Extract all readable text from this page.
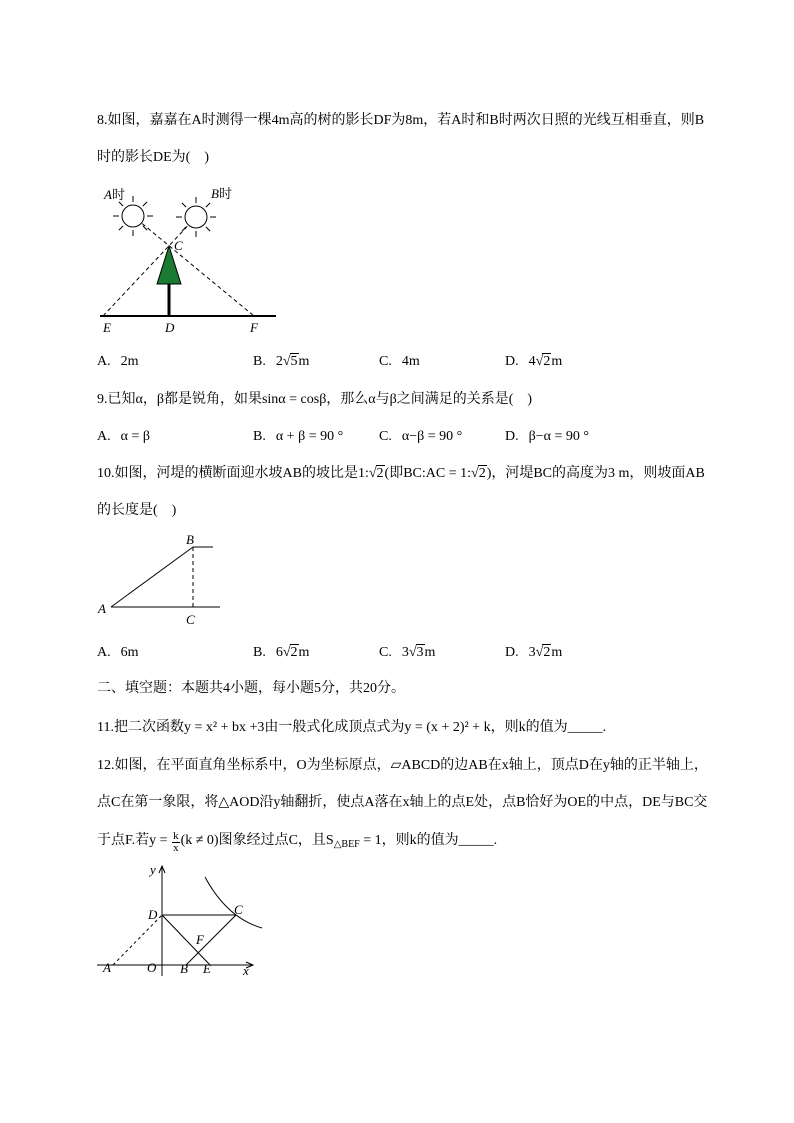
8.如图，嘉嘉在A时测得一棵4m高的树的影长DF为8m，若A时和B时两次日照的光线互相垂直，则B
时的影长DE为(　)
A时	B时
C
E	D	F
A. 2m	B. 2√5m	C. 4m	D. 4√2m
9.已知α，β都是锐角，如果sinα = cosβ，那么α与β之间满足的关系是(　)
A. α = β	B. α + β = 90 °	C. α−β = 90 °	D. β−α = 90 °
10.如图，河堤的横断面迎水坡AB的坡比是1:√2(即BC:AC = 1:√2)，河堤BC的高度为3 m，则坡面AB
的长度是(　)
A
B
C
A. 6m	B. 6√2m	C. 3√3m	D. 3√2m
二、填空题：本题共4小题，每小题5分，共20分。
11.把二次函数y = x² + bx +3由一般式化成顶点式为y = (x + 2)² + k，则k的值为_____.
12.如图，在平面直角坐标系中，O为坐标原点，▱ABCD的边AB在x轴上，顶点D在y轴的正半轴上，
点C在第一象限，将△AOD沿y轴翻折，使点A落在x轴上的点E处，点B恰好为OE的中点，DE与BC交
于点F.若$y = \frac{k}{x} (k \ne 0)$图象经过点C，且$S_{\triangle BEF} = 1$，则k的值为_____.
y
x
D	C
F
A	O B E
